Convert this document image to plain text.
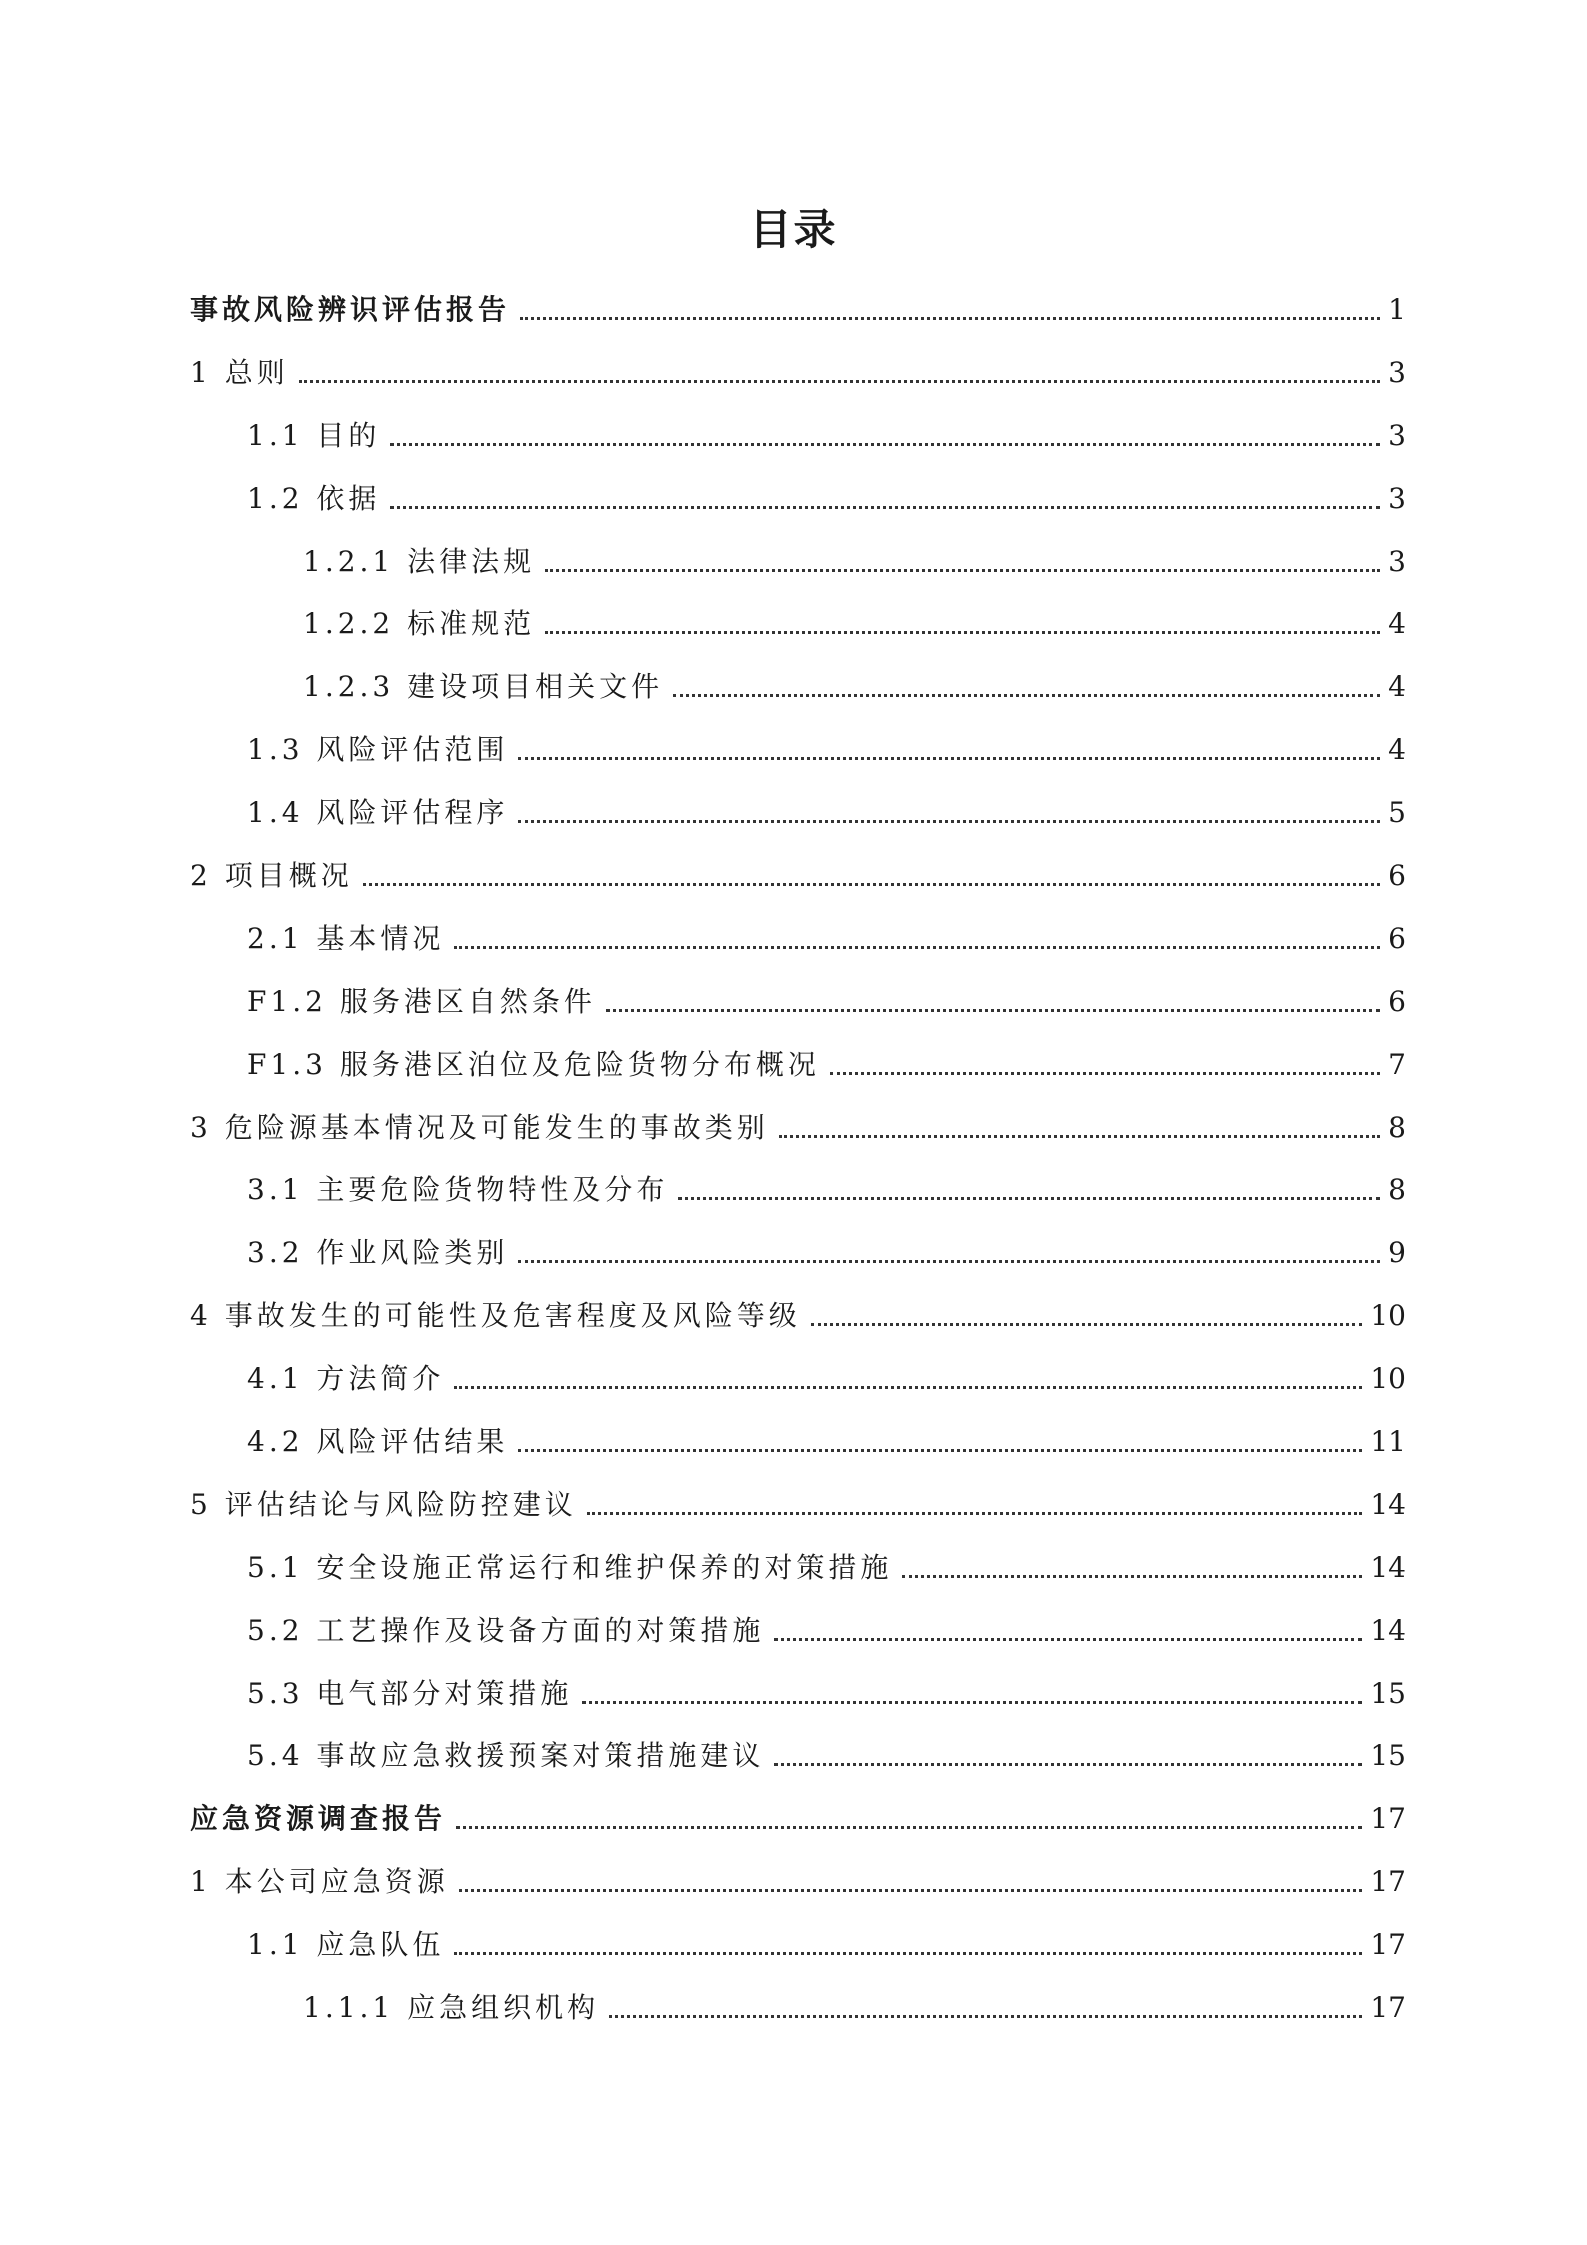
目录
事故风险辨识评估报告	1
1 总则	3
1.1 目的	3
1.2 依据	3
1.2.1 法律法规	3
1.2.2 标准规范	4
1.2.3 建设项目相关文件	4
1.3 风险评估范围	4
1.4 风险评估程序	5
2 项目概况	6
2.1 基本情况	6
F1.2 服务港区自然条件	6
F1.3 服务港区泊位及危险货物分布概况	7
3 危险源基本情况及可能发生的事故类别	8
3.1 主要危险货物特性及分布	8
3.2 作业风险类别	9
4 事故发生的可能性及危害程度及风险等级	10
4.1 方法简介	10
4.2 风险评估结果	11
5 评估结论与风险防控建议	14
5.1 安全设施正常运行和维护保养的对策措施	14
5.2 工艺操作及设备方面的对策措施	14
5.3 电气部分对策措施	15
5.4 事故应急救援预案对策措施建议	15
应急资源调查报告	17
1 本公司应急资源	17
1.1 应急队伍	17
1.1.1 应急组织机构	17
